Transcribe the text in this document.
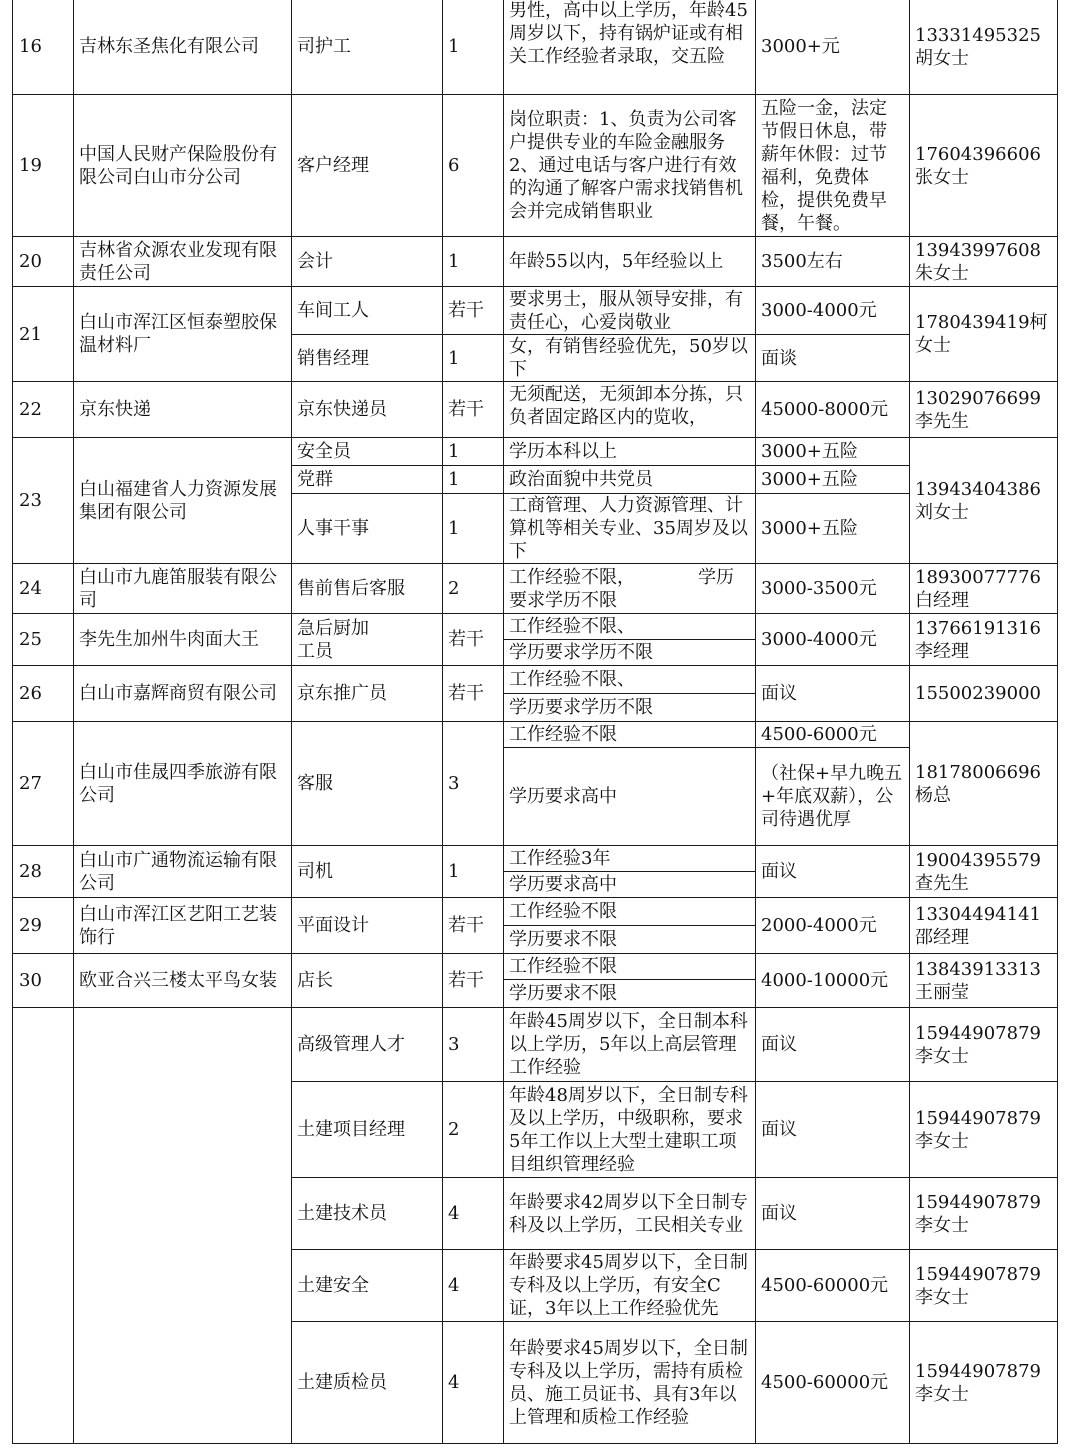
16	吉林东圣焦化有限公司	司护工	1	男性，高中以上学历，年龄45周岁以下，持有锅炉证或有相关工作经验者录取，交五险	3000+元	13331495325胡女士
19	中国人民财产保险股份有限公司白山市分公司	客户经理	6	岗位职责：1、负责为公司客户提供专业的车险金融服务2、通过电话与客户进行有效的沟通了解客户需求找销售机会并完成销售职业	五险一金，法定节假日休息，带薪年休假：过节福利，免费体检，提供免费早餐，午餐。	17604396606张女士
20	吉林省众源农业发现有限责任公司	会计	1	年龄55以内，5年经验以上	3500左右	13943997608朱女士
21	白山市浑江区恒泰塑胶保温材料厂	车间工人	若干	要求男士，服从领导安排，有责任心，心爱岗敬业	3000-4000元	1780439419柯女士
		销售经理	1	女，有销售经验优先，50岁以下	面谈	
22	京东快递	京东快递员	若干	无须配送，无须卸本分拣，只负者固定路区内的览收，	45000-8000元	13029076699李先生
23	白山福建省人力资源发展集团有限公司	安全员	1	学历本科以上	3000+五险	13943404386刘女士
		党群	1	政治面貌中共党员	3000+五险	
		人事干事	1	工商管理、人力资源管理、计算机等相关专业、35周岁及以下	3000+五险	
24	白山市九鹿笛服装有限公司	售前售后客服	2	工作经验不限，　　　　学历要求学历不限	3000-3500元	18930077776白经理
25	李先生加州牛肉面大王	急后厨加工员	若干	工作经验不限、	3000-4000元	13766191316李经理
				学历要求学历不限		
26	白山市嘉辉商贸有限公司	京东推广员	若干	工作经验不限、	面议	15500239000
				学历要求学历不限		
27	白山市佳晟四季旅游有限公司	客服	3	工作经验不限	4500-6000元	18178006696杨总
				学历要求高中	（社保+早九晚五+年底双薪），公司待遇优厚	
28	白山市广通物流运输有限公司	司机	1	工作经验3年	面议	19004395579查先生
				学历要求高中		
29	白山市浑江区艺阳工艺装饰行	平面设计	若干	工作经验不限	2000-4000元	13304494141邵经理
				学历要求不限		
30	欧亚合兴三楼太平鸟女装	店长	若干	工作经验不限	4000-10000元	13843913313王丽莹
				学历要求不限		
		高级管理人才	3	年龄45周岁以下，全日制本科以上学历，5年以上高层管理工作经验	面议	15944907879李女士
		土建项目经理	2	年龄48周岁以下，全日制专科及以上学历，中级职称，要求5年工作以上大型土建职工项目组织管理经验	面议	15944907879李女士
		土建技术员	4	年龄要求42周岁以下全日制专科及以上学历，工民相关专业	面议	15944907879李女士
		土建安全	4	年龄要求45周岁以下，全日制专科及以上学历，有安全C证，3年以上工作经验优先	4500-60000元	15944907879李女士
		土建质检员	4	年龄要求45周岁以下，全日制专科及以上学历，需持有质检员、施工员证书、具有3年以上管理和质检工作经验	4500-60000元	15944907879李女士
